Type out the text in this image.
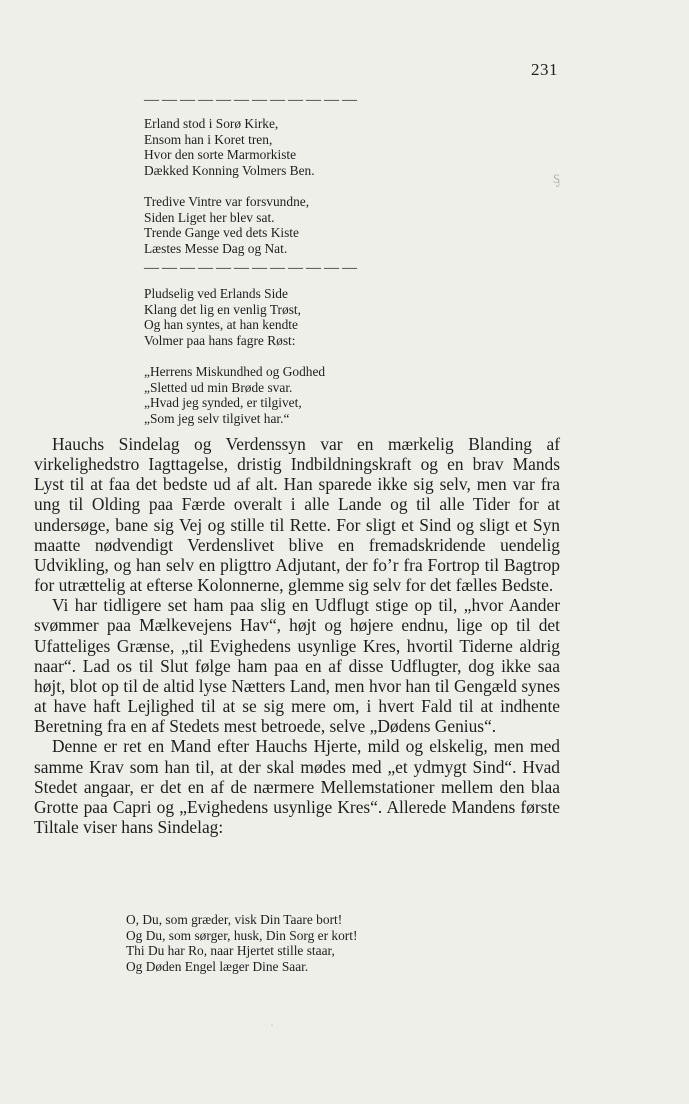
231
————————————
Erland stod i Sorø Kirke,
Ensom han i Koret tren,
Hvor den sorte Marmorkiste
Dækked Konning Volmers Ben.
Tredive Vintre var forsvundne,
Siden Liget her blev sat.
Trende Gange ved dets Kiste
Læstes Messe Dag og Nat.
————————————
Pludselig ved Erlands Side
Klang det lig en venlig Trøst,
Og han syntes, at han kendte
Volmer paa hans fagre Røst:
„Herrens Miskundhed og Godhed
„Sletted ud min Brøde svar.
„Hvad jeg synded, er tilgivet,
„Som jeg selv tilgivet har.“

Hauchs Sindelag og Verdenssyn var en mærkelig Blanding af virkelighedstro Iagttagelse, dristig Indbildningskraft og en brav Mands Lyst til at faa det bedste ud af alt. Han sparede ikke sig selv, men var fra ung til Olding paa Færde overalt i alle Lande og til alle Tider for at undersøge, bane sig Vej og stille til Rette. For sligt et Sind og sligt et Syn maatte nødvendigt Verdenslivet blive en fremadskridende uendelig Udvikling, og han selv en pligttro Adjutant, der fo’r fra Fortrop til Bagtrop for utrættelig at efterse Kolonnerne, glemme sig selv for det fælles Bedste.

Vi har tidligere set ham paa slig en Udflugt stige op til, „hvor Aander svømmer paa Mælkevejens Hav“, højt og højere endnu, lige op til det Ufatteliges Grænse, „til Evighedens usynlige Kres, hvortil Tiderne aldrig naar“. Lad os til Slut følge ham paa en af disse Udflugter, dog ikke saa højt, blot op til de altid lyse Nætters Land, men hvor han til Gengæld synes at have haft Lejlighed til at se sig mere om, i hvert Fald til at indhente Beretning fra en af Stedets mest betroede, selve „Dødens Genius“.

Denne er ret en Mand efter Hauchs Hjerte, mild og elskelig, men med samme Krav som han til, at der skal mødes med „et ydmygt Sind“. Hvad Stedet angaar, er det en af de nærmere Mellemstationer mellem den blaa Grotte paa Capri og „Evighedens usynlige Kres“. Allerede Mandens første Tiltale viser hans Sindelag:

O, Du, som græder, visk Din Taare bort!
Og Du, som sørger, husk, Din Sorg er kort!
Thi Du har Ro, naar Hjertet stille staar,
Og Døden Engel læger Dine Saar.
ᶊ
·
